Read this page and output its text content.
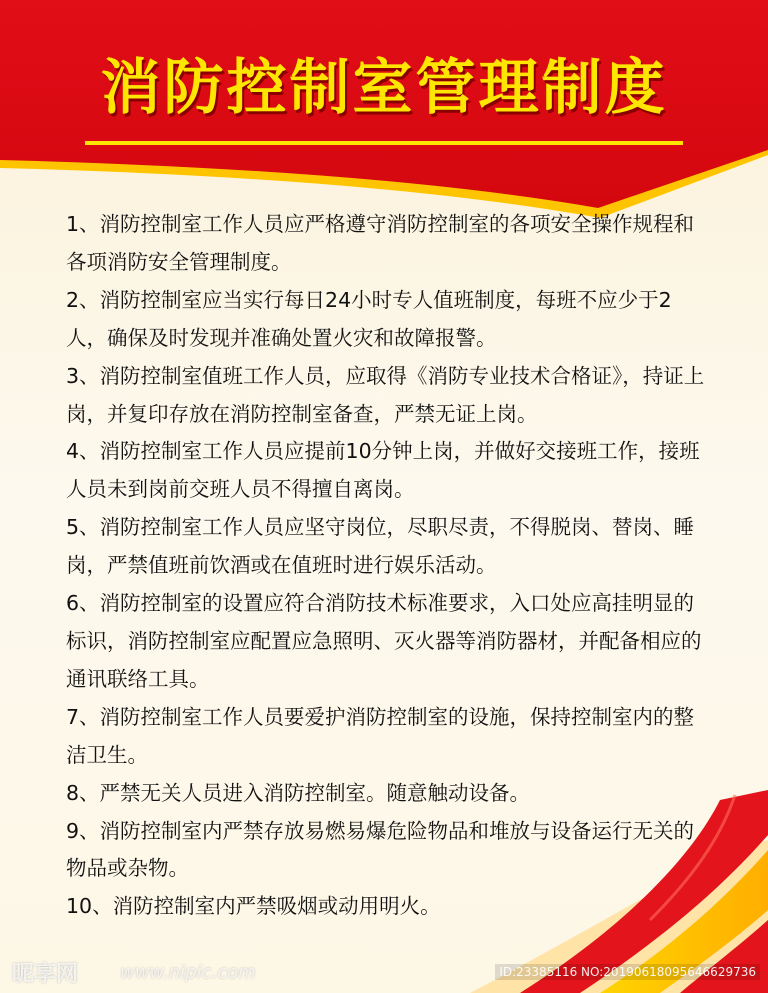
消防控制室管理制度

1、消防控制室工作人员应严格遵守消防控制室的各项安全操作规程和各项消防安全管理制度。

2、消防控制室应当实行每日24小时专人值班制度，每班不应少于2人，确保及时发现并准确处置火灾和故障报警。

3、消防控制室值班工作人员，应取得《消防专业技术合格证》，持证上岗，并复印存放在消防控制室备查，严禁无证上岗。

4、消防控制室工作人员应提前10分钟上岗，并做好交接班工作，接班人员未到岗前交班人员不得擅自离岗。

5、消防控制室工作人员应坚守岗位，尽职尽责，不得脱岗、替岗、睡岗，严禁值班前饮酒或在值班时进行娱乐活动。

6、消防控制室的设置应符合消防技术标准要求，入口处应高挂明显的标识，消防控制室应配置应急照明、灭火器等消防器材，并配备相应的通讯联络工具。

7、消防控制室工作人员要爱护消防控制室的设施，保持控制室内的整洁卫生。

8、严禁无关人员进入消防控制室。随意触动设备。

9、消防控制室内严禁存放易燃易爆危险物品和堆放与设备运行无关的物品或杂物。

10、消防控制室内严禁吸烟或动用明火。

昵享网 www.nipic.com	ID:23385116 NO:20190618095646629736
